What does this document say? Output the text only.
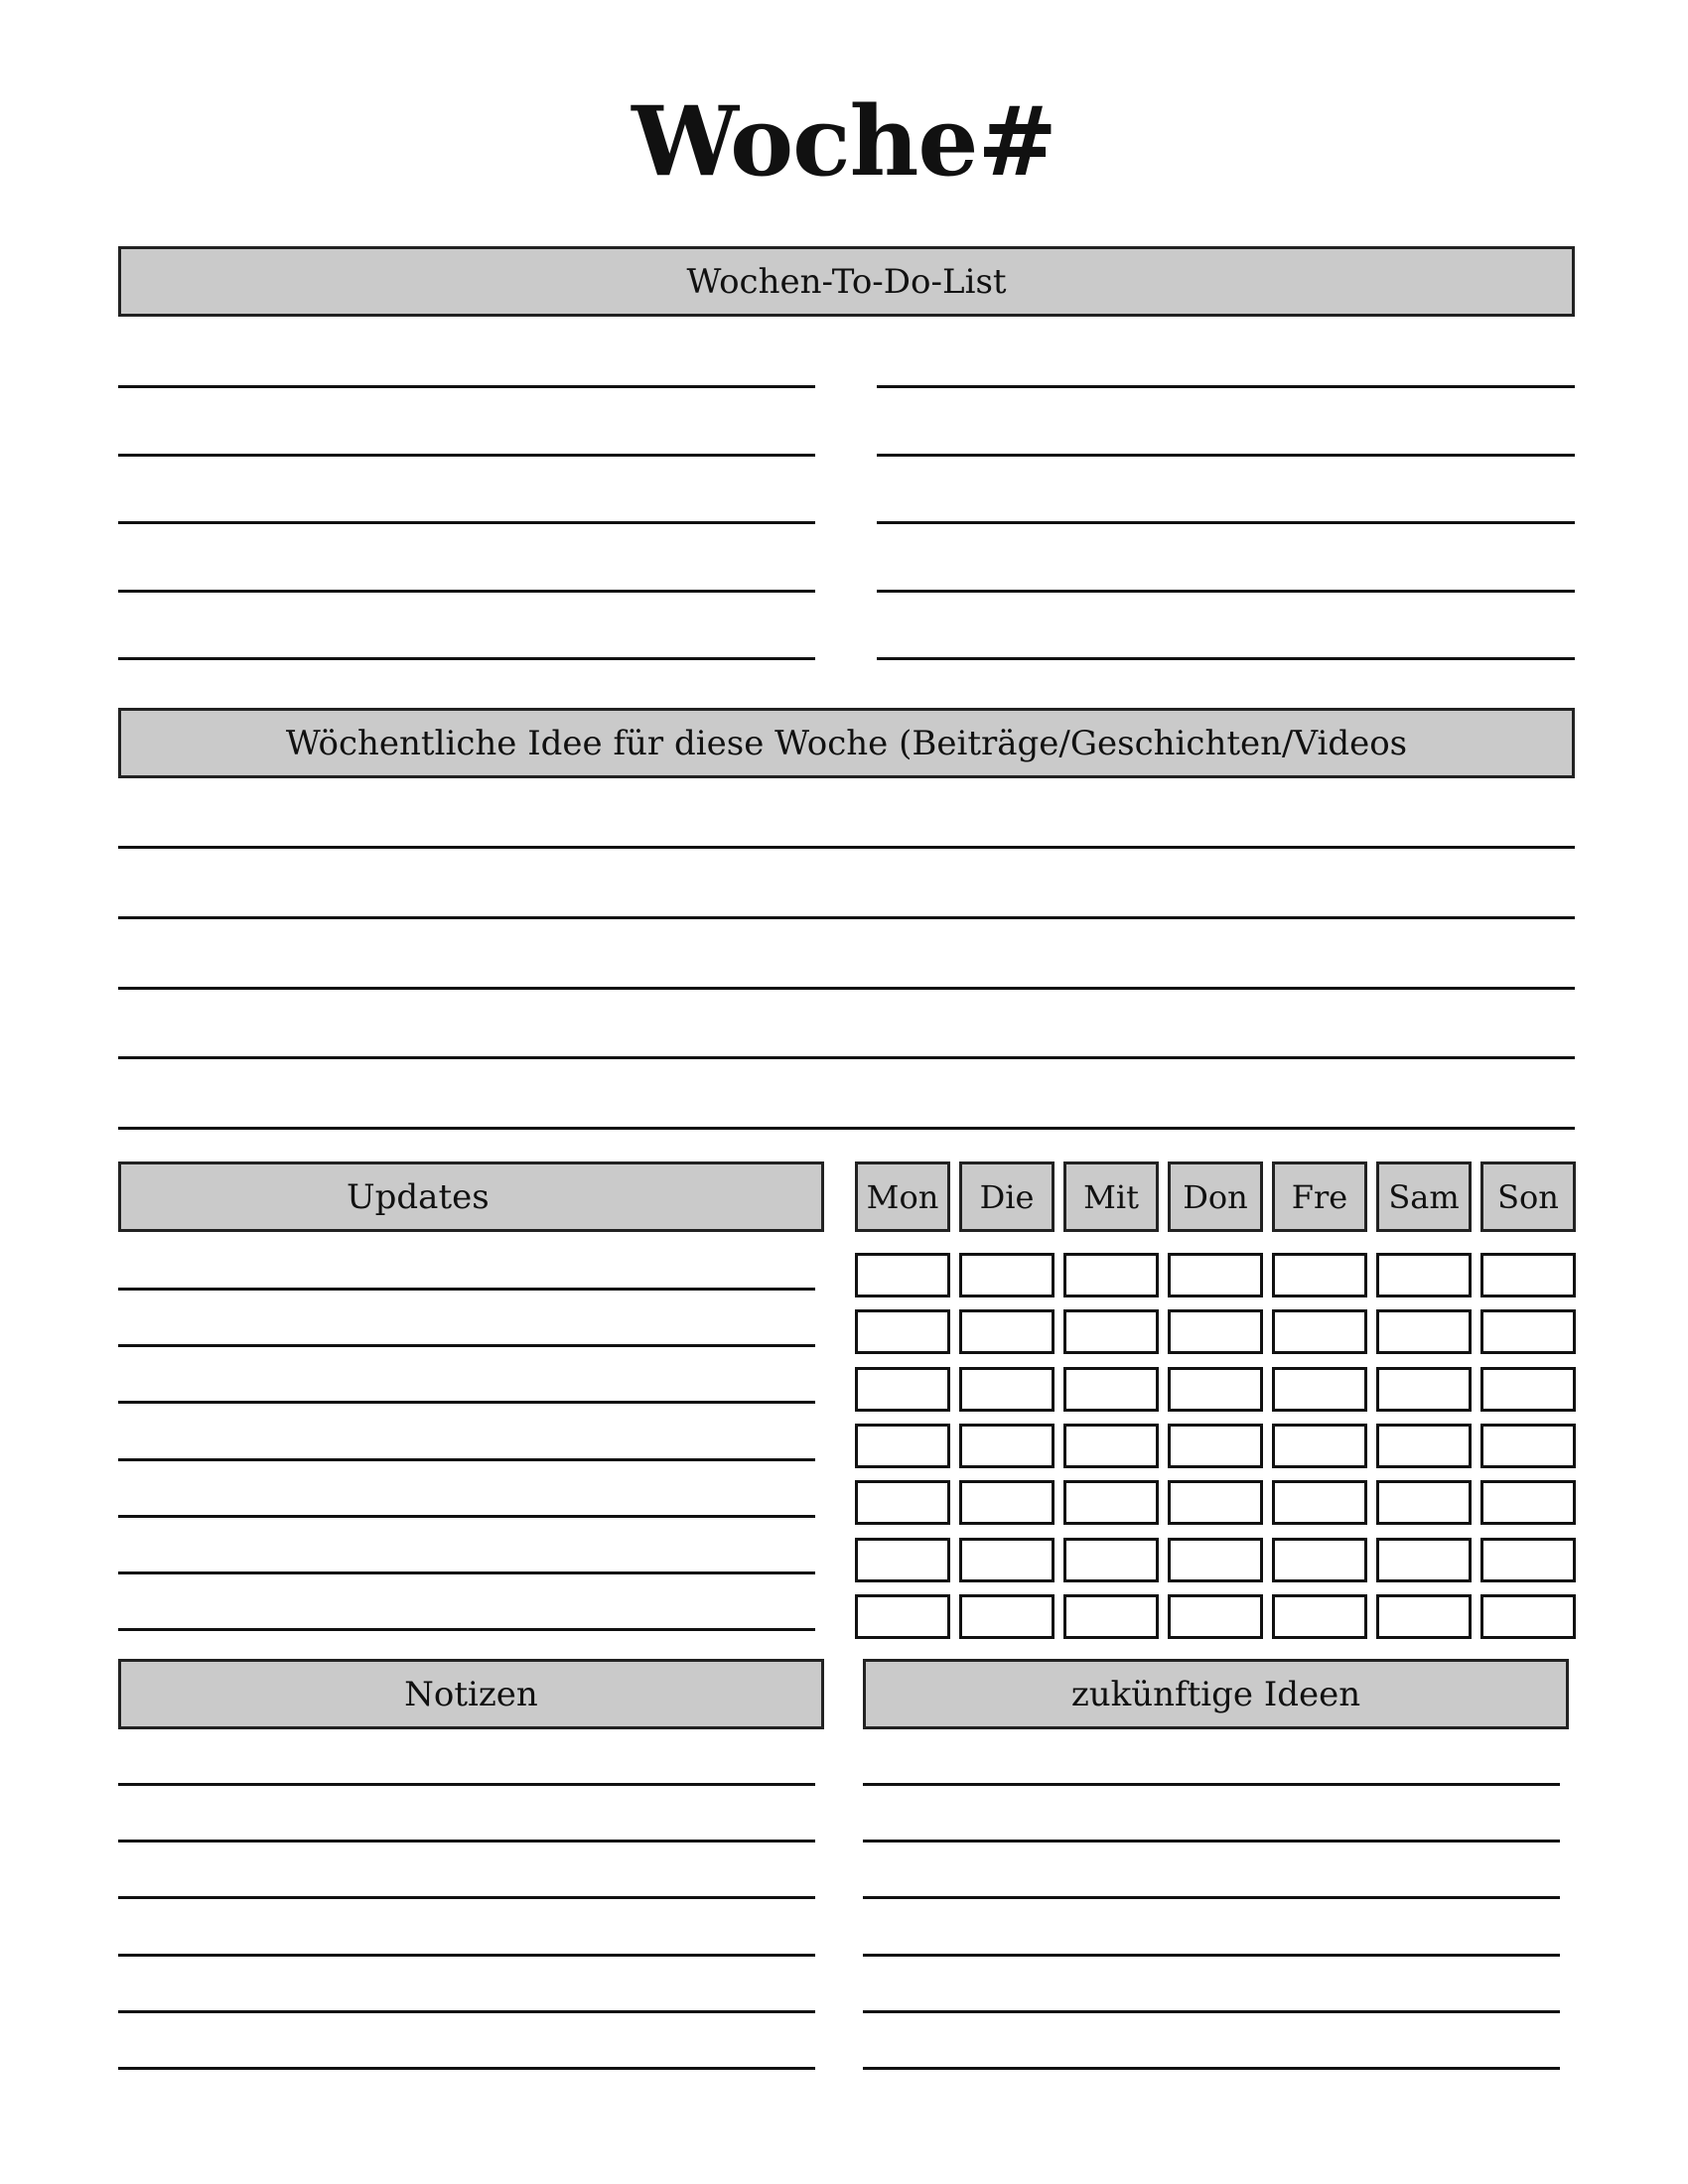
Woche#
Wochen-To-Do-List
Wöchentliche Idee für diese Woche (Beiträge/Geschichten/Videos
Updates	Mon	Die	Mit	Don	Fre	Sam	Son
Notizen	zukünftige Ideen
